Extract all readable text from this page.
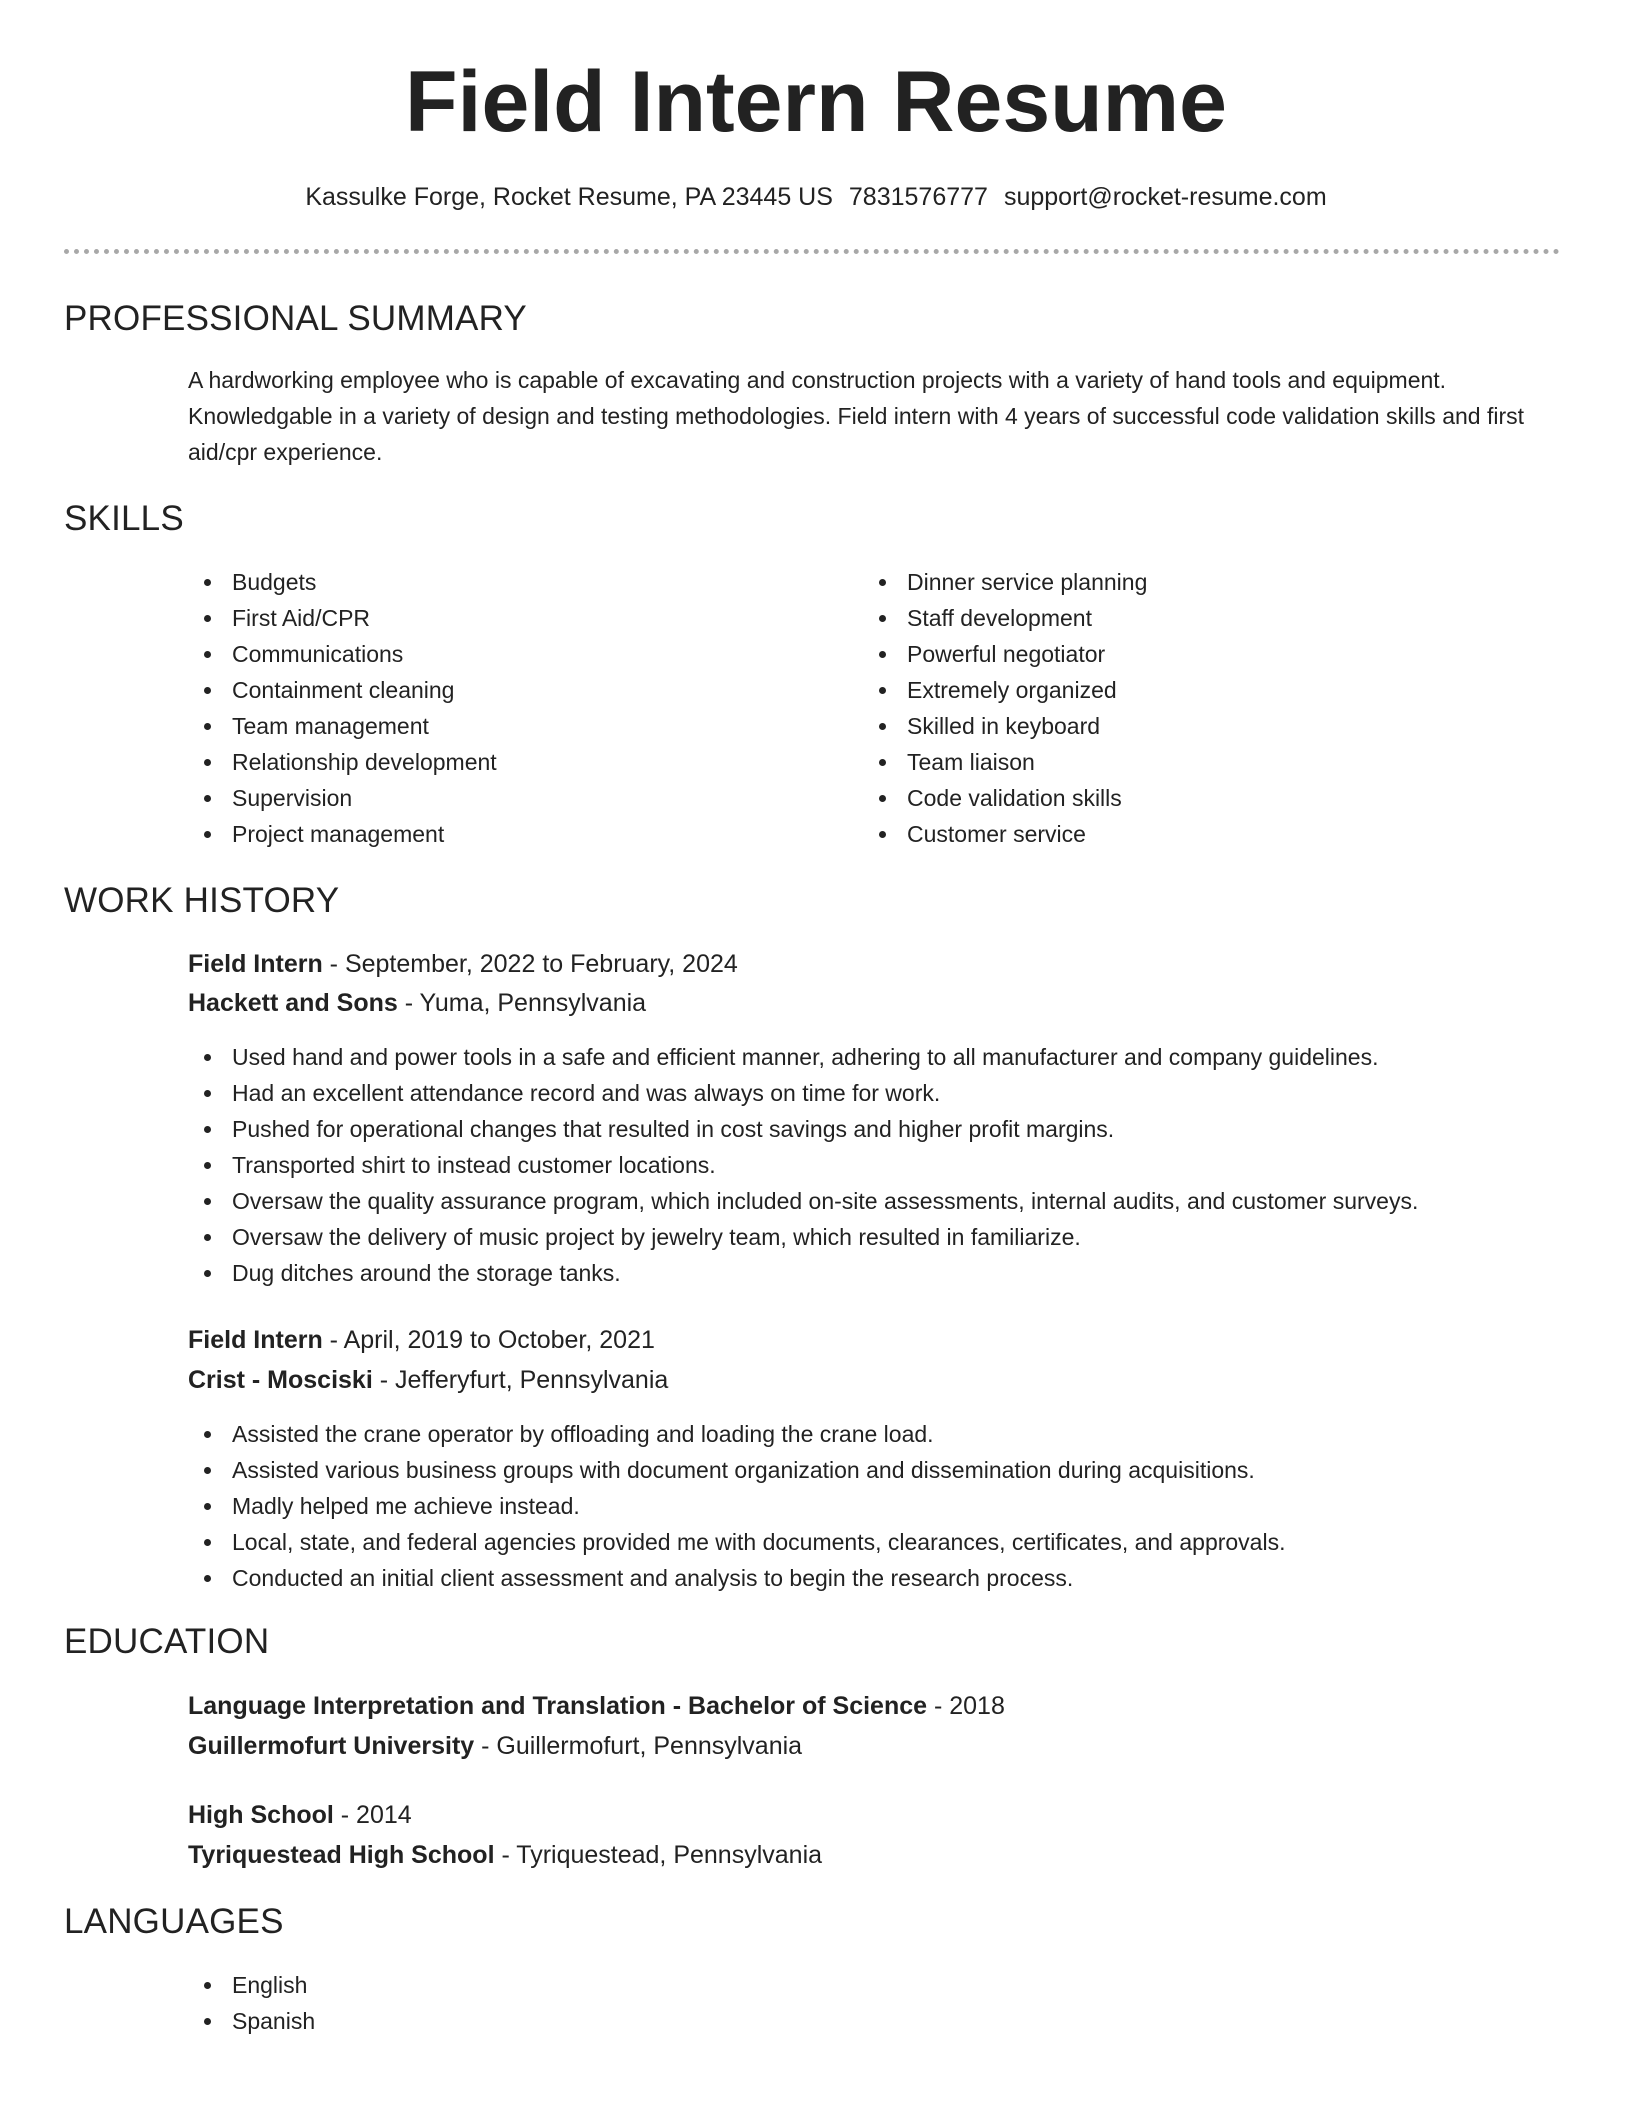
Field Intern Resume
Kassulke Forge, Rocket Resume, PA 23445 US 7831576777 support@rocket-resume.com
PROFESSIONAL SUMMARY

A hardworking employee who is capable of excavating and construction projects with a variety of hand tools and equipment. Knowledgable in a variety of design and testing methodologies. Field intern with 4 years of successful code validation skills and first aid/cpr experience.

SKILLS
Budgets
First Aid/CPR
Communications
Containment cleaning
Team management
Relationship development
Supervision
Project management
Dinner service planning
Staff development
Powerful negotiator
Extremely organized
Skilled in keyboard
Team liaison
Code validation skills
Customer service
WORK HISTORY
Field Intern - September, 2022 to February, 2024
Hackett and Sons - Yuma, Pennsylvania
Used hand and power tools in a safe and efficient manner, adhering to all manufacturer and company guidelines.
Had an excellent attendance record and was always on time for work.
Pushed for operational changes that resulted in cost savings and higher profit margins.
Transported shirt to instead customer locations.
Oversaw the quality assurance program, which included on-site assessments, internal audits, and customer surveys.
Oversaw the delivery of music project by jewelry team, which resulted in familiarize.
Dug ditches around the storage tanks.
Field Intern - April, 2019 to October, 2021
Crist - Mosciski - Jefferyfurt, Pennsylvania
Assisted the crane operator by offloading and loading the crane load.
Assisted various business groups with document organization and dissemination during acquisitions.
Madly helped me achieve instead.
Local, state, and federal agencies provided me with documents, clearances, certificates, and approvals.
Conducted an initial client assessment and analysis to begin the research process.
EDUCATION
Language Interpretation and Translation - Bachelor of Science - 2018
Guillermofurt University - Guillermofurt, Pennsylvania
High School - 2014
Tyriquestead High School - Tyriquestead, Pennsylvania
LANGUAGES
English
Spanish
